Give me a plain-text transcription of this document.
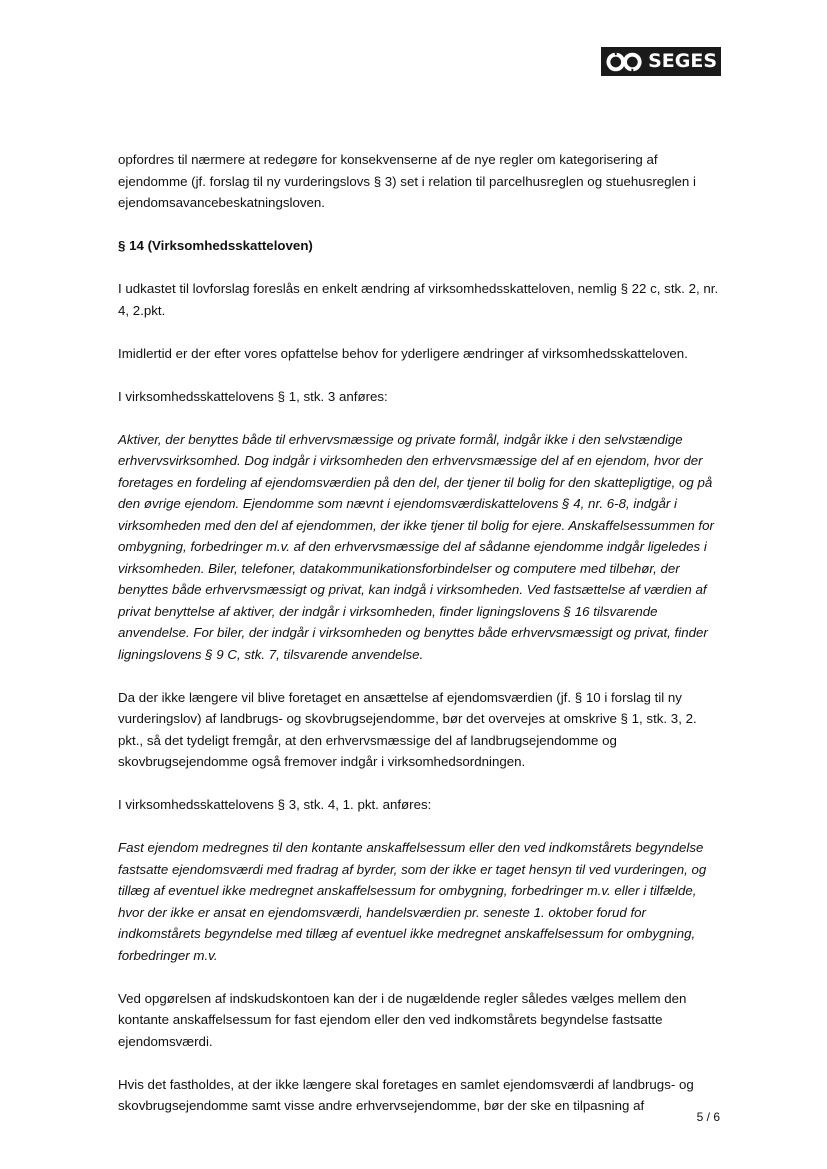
SEGES

opfordres til nærmere at redegøre for konsekvenserne af de nye regler om kategorisering af ejendomme (jf. forslag til ny vurderingslovs § 3) set i relation til parcelhusreglen og stuehusreglen i ejendomsavancebeskatningsloven.

§ 14 (Virksomhedsskatteloven)

I udkastet til lovforslag foreslås en enkelt ændring af virksomhedsskatteloven, nemlig § 22 c, stk. 2, nr. 4, 2.pkt.

Imidlertid er der efter vores opfattelse behov for yderligere ændringer af virksomhedsskatteloven.

I virksomhedsskattelovens § 1, stk. 3 anføres:

Aktiver, der benyttes både til erhvervsmæssige og private formål, indgår ikke i den selvstændige erhvervsvirksomhed. Dog indgår i virksomheden den erhvervsmæssige del af en ejendom, hvor der foretages en fordeling af ejendomsværdien på den del, der tjener til bolig for den skattepligtige, og på den øvrige ejendom. Ejendomme som nævnt i ejendomsværdiskattelovens § 4, nr. 6-8, indgår i virksomheden med den del af ejendommen, der ikke tjener til bolig for ejere. Anskaffelsessummen for ombygning, forbedringer m.v. af den erhvervsmæssige del af sådanne ejendomme indgår ligeledes i virksomheden. Biler, telefoner, datakommunikationsforbindelser og computere med tilbehør, der benyttes både erhvervsmæssigt og privat, kan indgå i virksomheden. Ved fastsættelse af værdien af privat benyttelse af aktiver, der indgår i virksomheden, finder ligningslovens § 16 tilsvarende anvendelse. For biler, der indgår i virksomheden og benyttes både erhvervsmæssigt og privat, finder ligningslovens § 9 C, stk. 7, tilsvarende anvendelse.

Da der ikke længere vil blive foretaget en ansættelse af ejendomsværdien (jf. § 10 i forslag til ny vurderingslov) af landbrugs- og skovbrugsejendomme, bør det overvejes at omskrive § 1, stk. 3, 2. pkt., så det tydeligt fremgår, at den erhvervsmæssige del af landbrugsejendomme og skovbrugsejendomme også fremover indgår i virksomhedsordningen.

I virksomhedsskattelovens § 3, stk. 4, 1. pkt. anføres:

Fast ejendom medregnes til den kontante anskaffelsessum eller den ved indkomstårets begyndelse fastsatte ejendomsværdi med fradrag af byrder, som der ikke er taget hensyn til ved vurderingen, og tillæg af eventuel ikke medregnet anskaffelsessum for ombygning, forbedringer m.v. eller i tilfælde, hvor der ikke er ansat en ejendomsværdi, handelsværdien pr. seneste 1. oktober forud for indkomstårets begyndelse med tillæg af eventuel ikke medregnet anskaffelsessum for ombygning, forbedringer m.v.

Ved opgørelsen af indskudskontoen kan der i de nugældende regler således vælges mellem den kontante anskaffelsessum for fast ejendom eller den ved indkomstårets begyndelse fastsatte ejendomsværdi.

Hvis det fastholdes, at der ikke længere skal foretages en samlet ejendomsværdi af landbrugs- og skovbrugsejendomme samt visse andre erhvervsejendomme, bør der ske en tilpasning af

5 / 6
